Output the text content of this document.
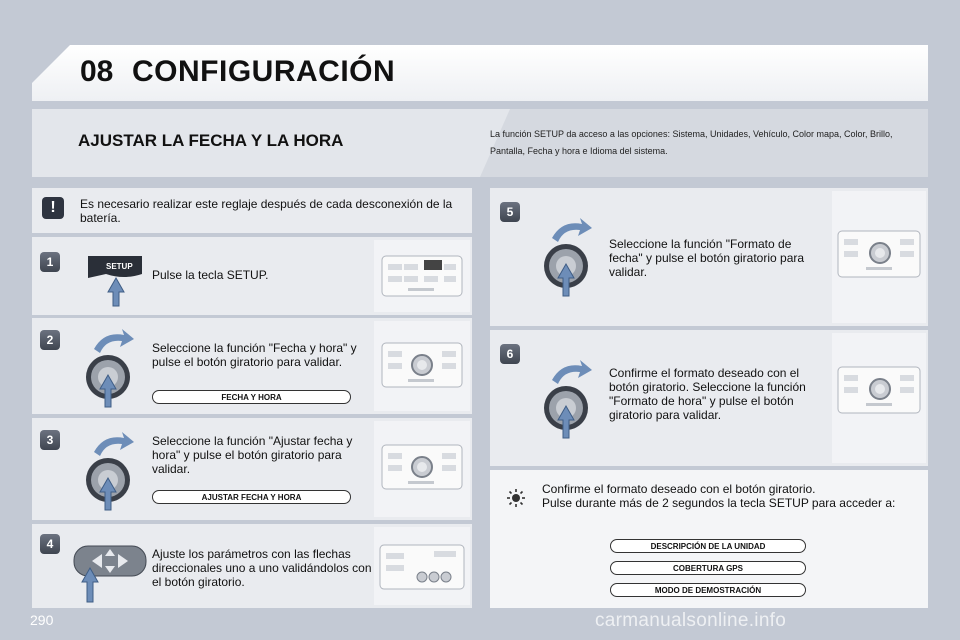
08 CONFIGURACIÓN
AJUSTAR LA FECHA Y LA HORA	La función SETUP da acceso a las opciones: Sistema, Unidades, Vehículo, Color mapa, Color, Brillo, Pantalla, Fecha y hora e Idioma del sistema.
!	Es necesario realizar este reglaje después de cada desconexión de la batería.
1	SETUP
Pulse la tecla SETUP.
2
Seleccione la función "Fecha y hora" y pulse el botón giratorio para validar.
FECHA Y HORA
3	Seleccione la función "Ajustar fecha y hora" y pulse el botón giratorio para validar.
AJUSTAR FECHA Y HORA
4
Ajuste los parámetros con las flechas direccionales uno a uno validándolos con el botón giratorio.
5
Seleccione la función "Formato de fecha" y pulse el botón giratorio para validar.
6
Confirme el formato deseado con el botón giratorio. Seleccione la función "Formato de hora" y pulse el botón giratorio para validar.
Confirme el formato deseado con el botón giratorio.
Pulse durante más de 2 segundos la tecla SETUP para acceder a:
DESCRIPCIÓN DE LA UNIDAD
COBERTURA GPS
MODO DE DEMOSTRACIÓN
290	carmanualsonline.info
